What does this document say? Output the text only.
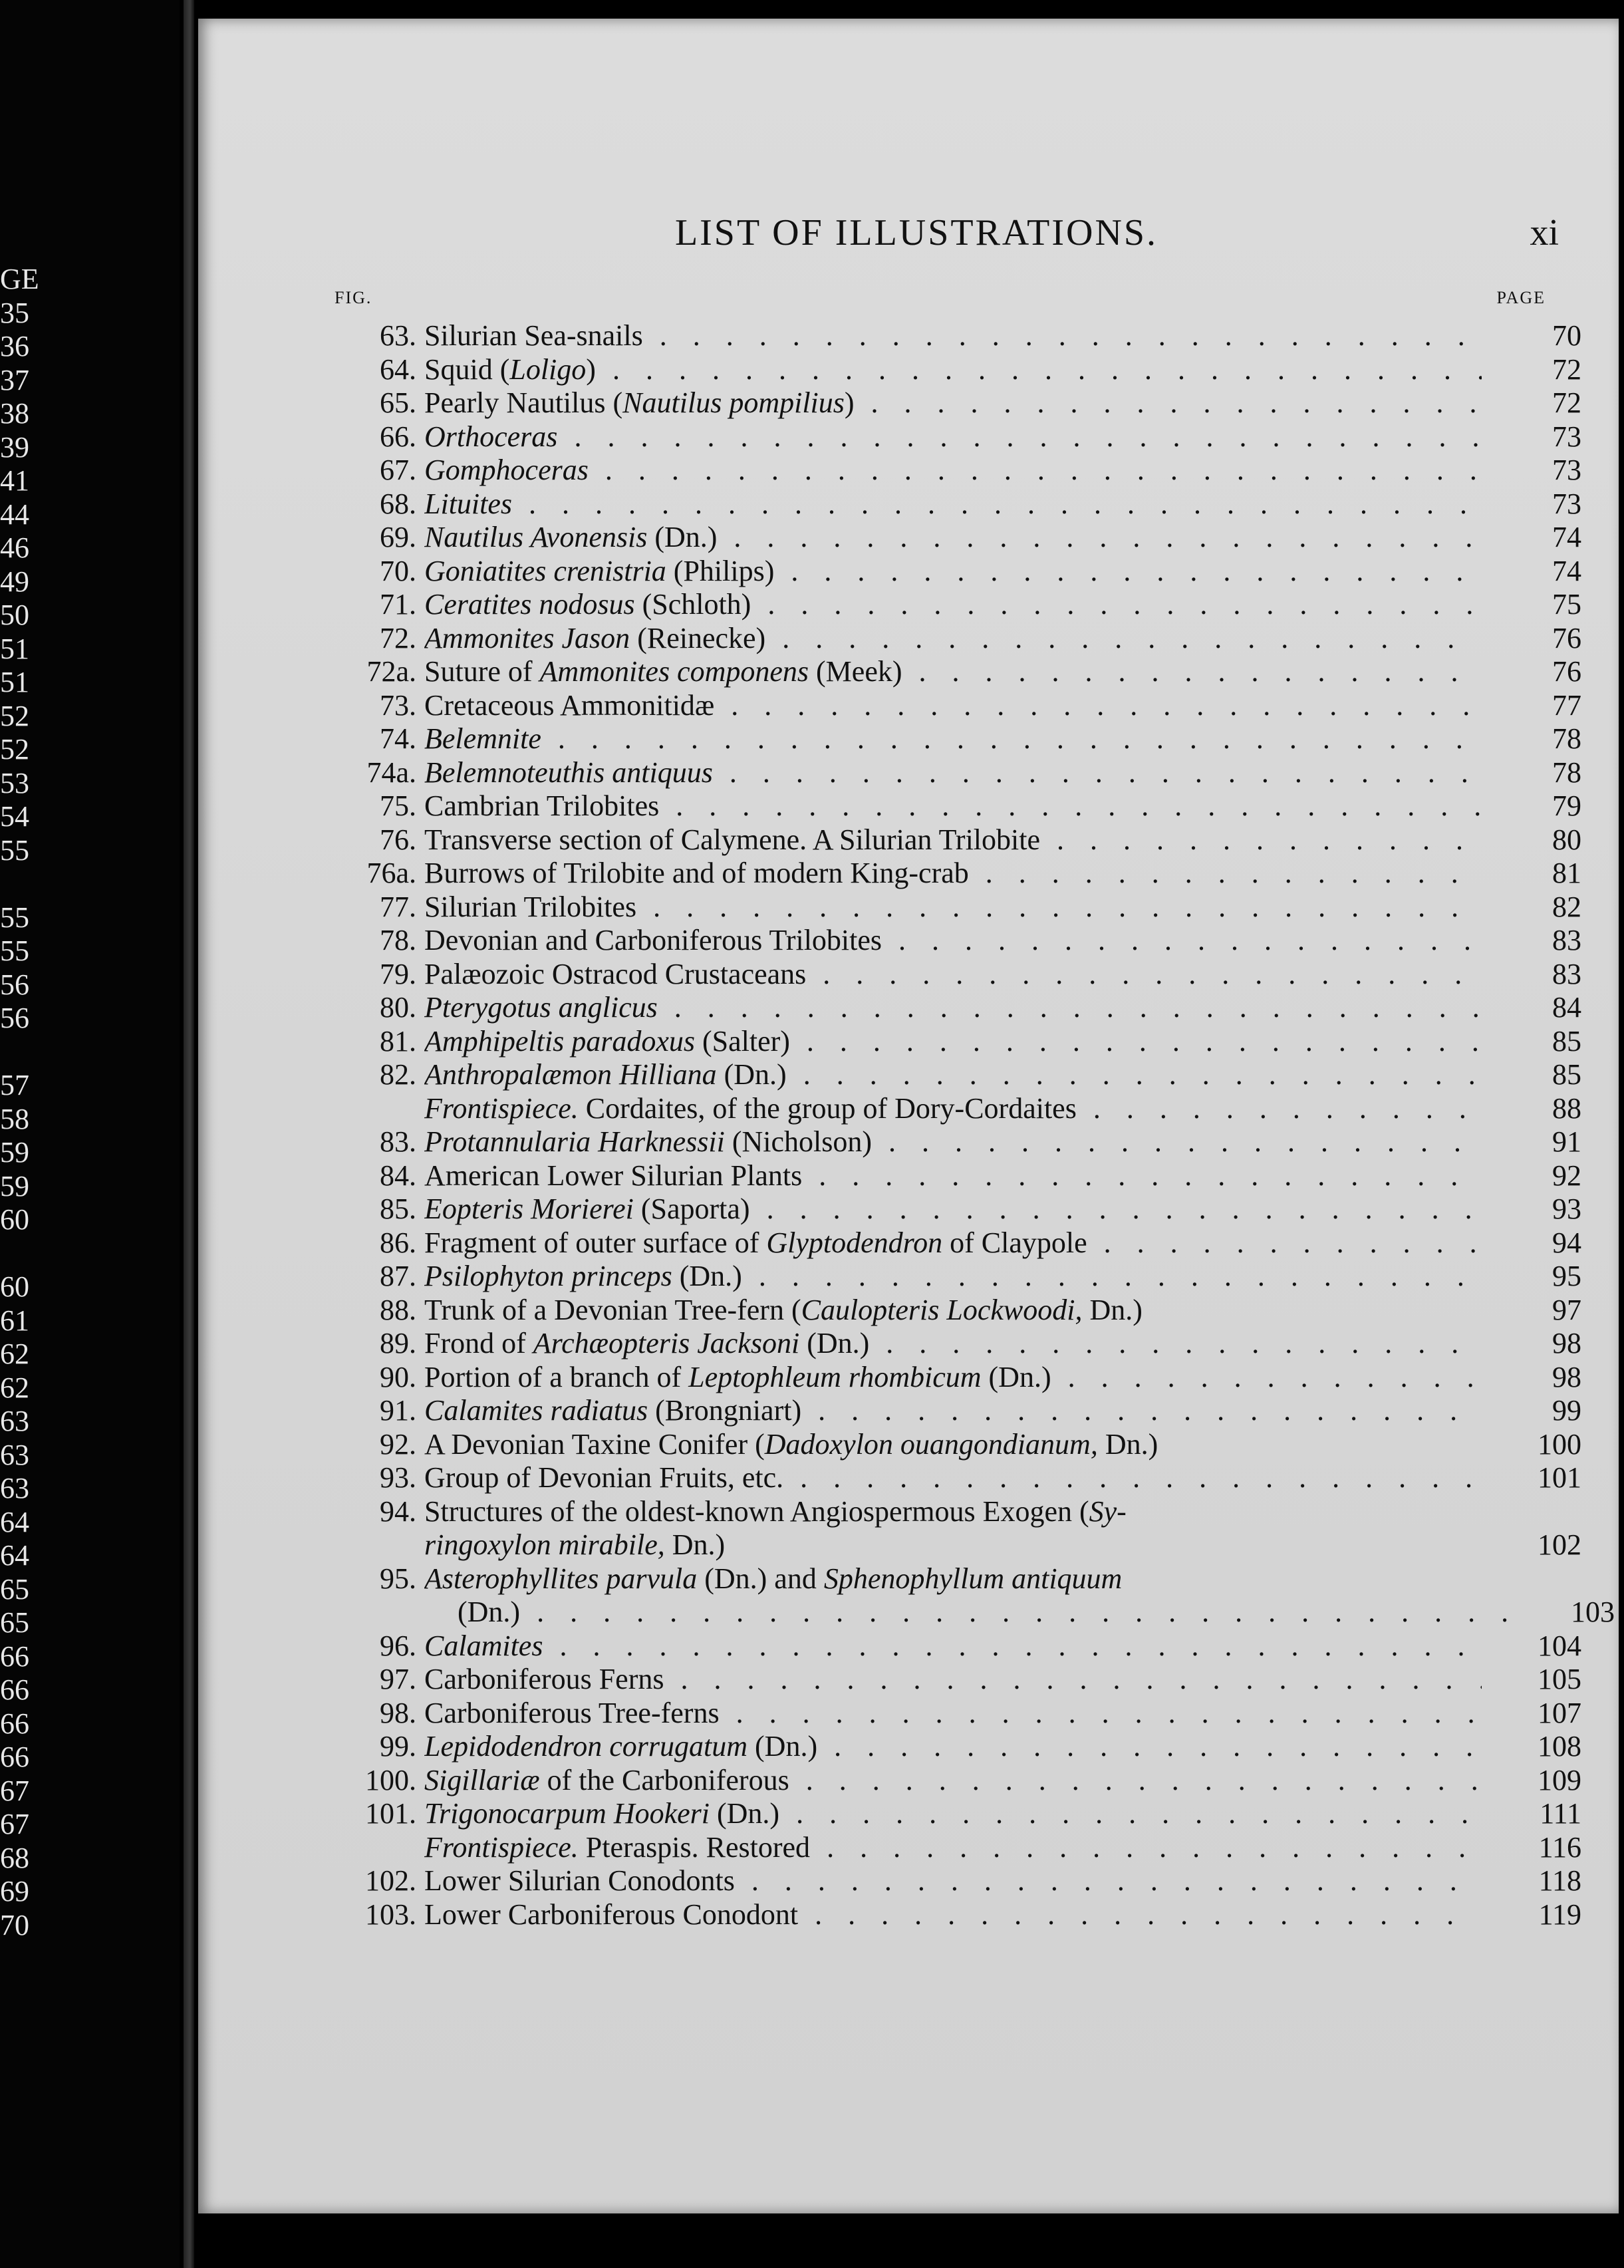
GE
35
36
37
38
39
41
44
46
49
50
51
51
52
52
53
54
55
55
55
56
56
57
58
59
59
60
60
61
62
62
63
63
63
64
64
65
65
66
66
66
66
67
67
68
69
70
LIST OF ILLUSTRATIONS.	xi
FIG.	PAGE
63. Silurian Sea-snails . .	70
64. Squid (Loligo) . .	72
65. Pearly Nautilus (Nautilus pompilius) . .	72
66. Orthoceras . .	73
67. Gomphoceras . .	73
68. Lituites . .	73
69. Nautilus Avonensis (Dn.) . .	74
70. Goniatites crenistria (Philips) . .	74
71. Ceratites nodosus (Schloth) . .	75
72. Ammonites Jason (Reinecke) . .	76
72a. Suture of Ammonites componens (Meek) . .	76
73. Cretaceous Ammonitidæ . .	77
74. Belemnite . .	78
74a. Belemnoteuthis antiquus . .	78
75. Cambrian Trilobites . .	79
76. Transverse section of Calymene. A Silurian Trilobite . .	80
76a. Burrows of Trilobite and of modern King-crab . .	81
77. Silurian Trilobites . .	82
78. Devonian and Carboniferous Trilobites . .	83
79. Palæozoic Ostracod Crustaceans . .	83
80. Pterygotus anglicus . .	84
81. Amphipeltis paradoxus (Salter) . .	85
82. Anthropalæmon Hilliana (Dn.) . .	85
Frontispiece. Cordaites, of the group of Dory-Cordaites . .	88
83. Protannularia Harknessii (Nicholson) . .	91
84. American Lower Silurian Plants . .	92
85. Eopteris Morierei (Saporta) . .	93
86. Fragment of outer surface of Glyptodendron of Claypole . .	94
87. Psilophyton princeps (Dn.) . .	95
88. Trunk of a Devonian Tree-fern (Caulopteris Lockwoodi, Dn.)	97
89. Frond of Archæopteris Jacksoni (Dn.) . .	98
90. Portion of a branch of Leptophleum rhombicum (Dn.) . .	98
91. Calamites radiatus (Brongniart) . .	99
92. A Devonian Taxine Conifer (Dadoxylon ouangondianum, Dn.)	100
93. Group of Devonian Fruits, etc. . .	101
94. Structures of the oldest-known Angiospermous Exogen (Sy-
ringoxylon mirabile, Dn.)	102
95. Asterophyllites parvula (Dn.) and Sphenophyllum antiquum
(Dn.) . .	103
96. Calamites . .	104
97. Carboniferous Ferns . .	105
98. Carboniferous Tree-ferns . .	107
99. Lepidodendron corrugatum (Dn.) . .	108
100. Sigillariæ of the Carboniferous . .	109
101. Trigonocarpum Hookeri (Dn.) . .	111
Frontispiece. Pteraspis. Restored . .	116
102. Lower Silurian Conodonts . .	118
103. Lower Carboniferous Conodont . .	119
